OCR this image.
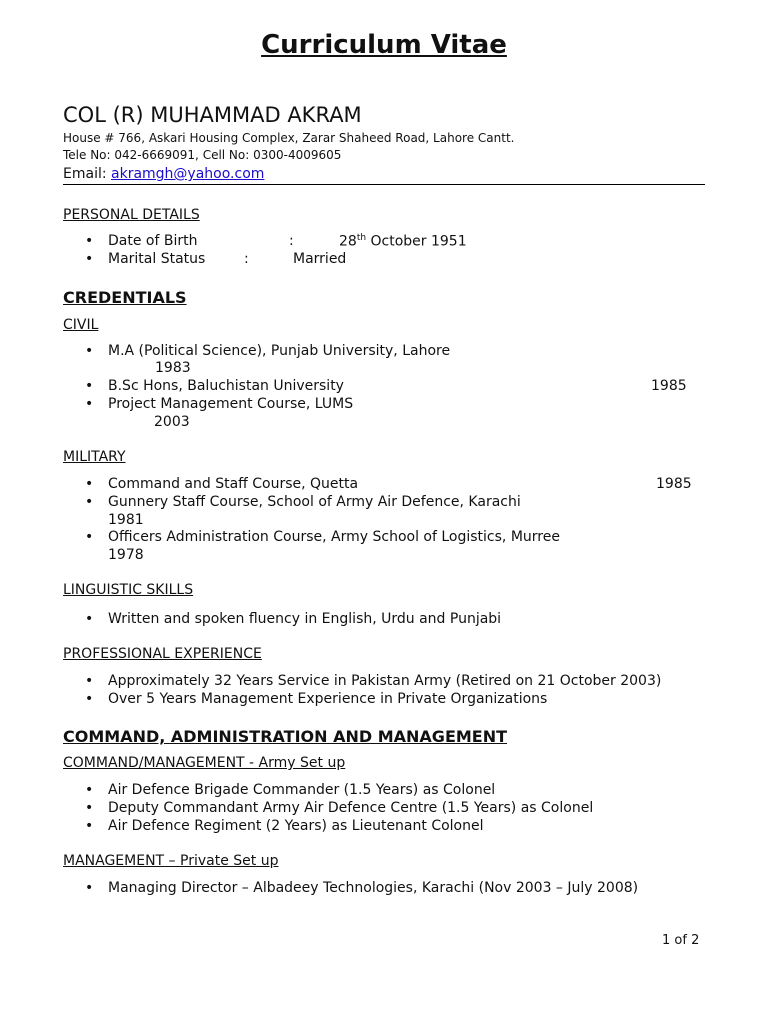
Curriculum Vitae
COL (R) MUHAMMAD AKRAM
House # 766, Askari Housing Complex, Zarar Shaheed Road, Lahore Cantt.
Tele No: 042-6669091, Cell No: 0300-4009605
Email: akramgh@yahoo.com
PERSONAL DETAILS
• Date of Birth	:	28th October 1951
• Marital Status	:	Married
CREDENTIALS
CIVIL
• M.A (Political Science), Punjab University, Lahore
1983
• B.Sc Hons, Baluchistan University	1985
• Project Management Course, LUMS
2003
MILITARY
• Command and Staff Course, Quetta	1985
• Gunnery Staff Course, School of Army Air Defence, Karachi
1981
• Officers Administration Course, Army School of Logistics, Murree
1978
LINGUISTIC SKILLS
• Written and spoken fluency in English, Urdu and Punjabi
PROFESSIONAL EXPERIENCE
• Approximately 32 Years Service in Pakistan Army (Retired on 21 October 2003)
• Over 5 Years Management Experience in Private Organizations
COMMAND, ADMINISTRATION AND MANAGEMENT
COMMAND/MANAGEMENT - Army Set up
• Air Defence Brigade Commander (1.5 Years) as Colonel
• Deputy Commandant Army Air Defence Centre (1.5 Years) as Colonel
• Air Defence Regiment (2 Years) as Lieutenant Colonel
MANAGEMENT – Private Set up
• Managing Director – Albadeey Technologies, Karachi (Nov 2003 – July 2008)
1 of 2
